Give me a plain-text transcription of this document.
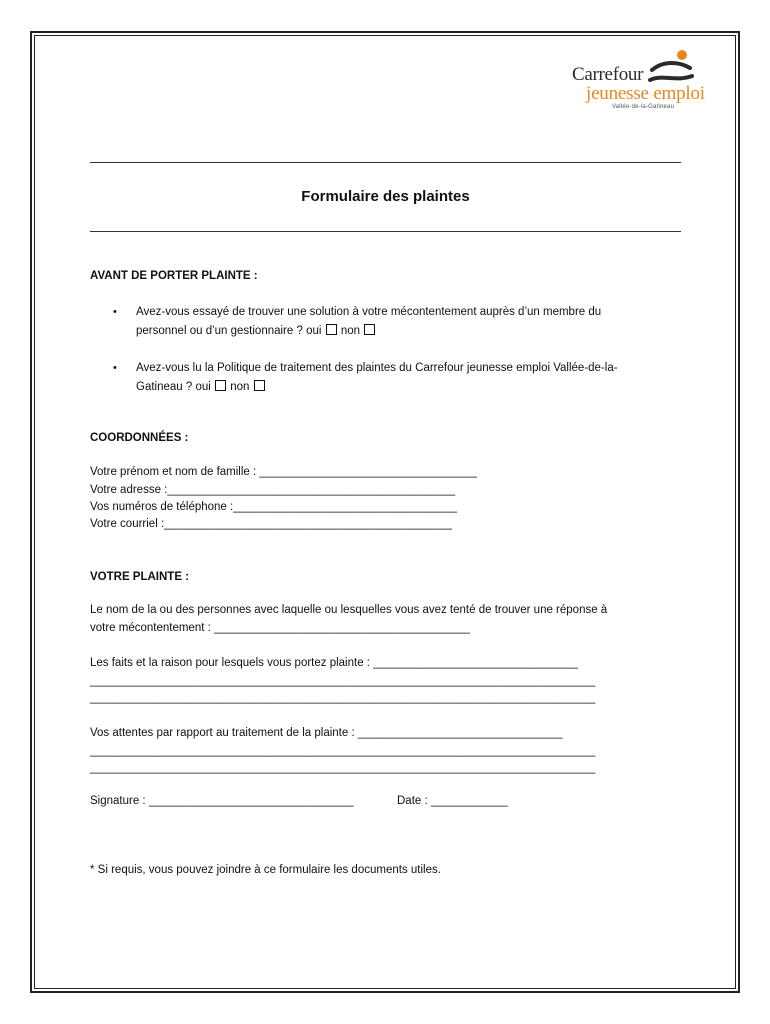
Carrefour
jeunesse emploi
Vallée-de-la-Gatineau
Formulaire des plaintes
AVANT DE PORTER PLAINTE :
• Avez-vous essayé de trouver une solution à votre mécontentement auprès d’un membre du
personnel ou d’un gestionnaire ? oui non
• Avez-vous lu la Politique de traitement des plaintes du Carrefour jeunesse emploi Vallée-de-la-
Gatineau ? oui non
COORDONNÉES :
Votre prénom et nom de famille : __________________________________
Votre adresse :_____________________________________________
Vos numéros de téléphone :___________________________________
Votre courriel :_____________________________________________
VOTRE PLAINTE :
Le nom de la ou des personnes avec laquelle ou lesquelles vous avez tenté de trouver une réponse à
votre mécontentement : ________________________________________
Les faits et la raison pour lesquels vous portez plainte : ________________________________
_______________________________________________________________________________
_______________________________________________________________________________
Vos attentes par rapport au traitement de la plainte : ________________________________
_______________________________________________________________________________
_______________________________________________________________________________
Signature : ________________________________	Date : ____________
* Si requis, vous pouvez joindre à ce formulaire les documents utiles.
